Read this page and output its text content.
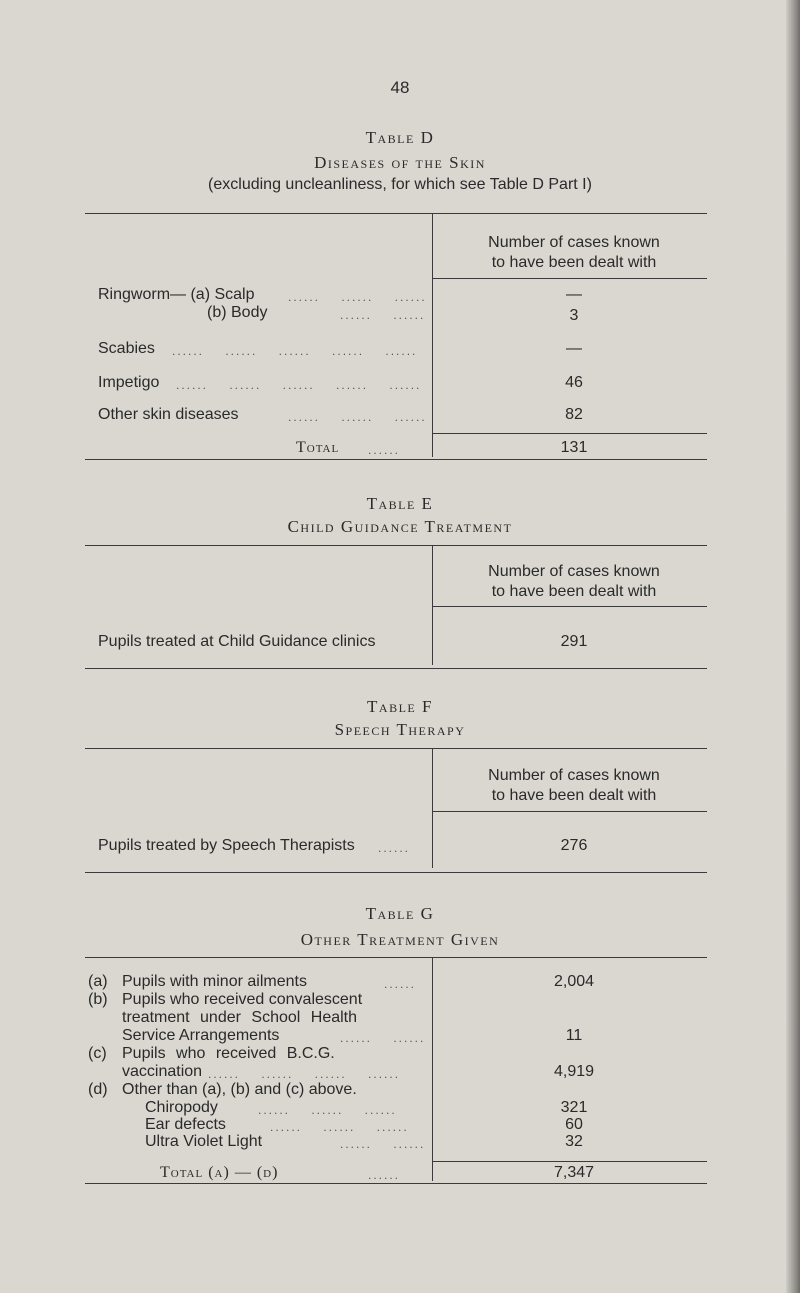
48
Table D
Diseases of the Skin
(excluding uncleanliness, for which see Table D Part I)
Number of cases known
to have been dealt with
Ringworm— (a) Scalp	......    ......    ......	—
(b) Body	......    ......	3
Scabies ......    ......    ......    ......    ......	—
Impetigo ......    ......    ......    ......    ......	46
Other skin diseases	......    ......    ......	82
Total ......	131
Table E
Child Guidance Treatment
Number of cases known
to have been dealt with
Pupils treated at Child Guidance clinics	291
Table F
Speech Therapy
Number of cases known
to have been dealt with
Pupils treated by Speech Therapists ......	276
Table G
Other Treatment Given
(a) Pupils with minor ailments	......	2,004
(b) Pupils who received convalescent
treatment under School Health
Service Arrangements	......    ......	11
(c) Pupils who received B.C.G.
vaccination ......    ......    ......    ......	4,919
(d) Other than (a), (b) and (c) above.
Chiropody	......    ......    ......	321
Ear defects	......    ......    ......	60
Ultra Violet Light	......    ......	32
Total (a) — (d)	......	7,347
